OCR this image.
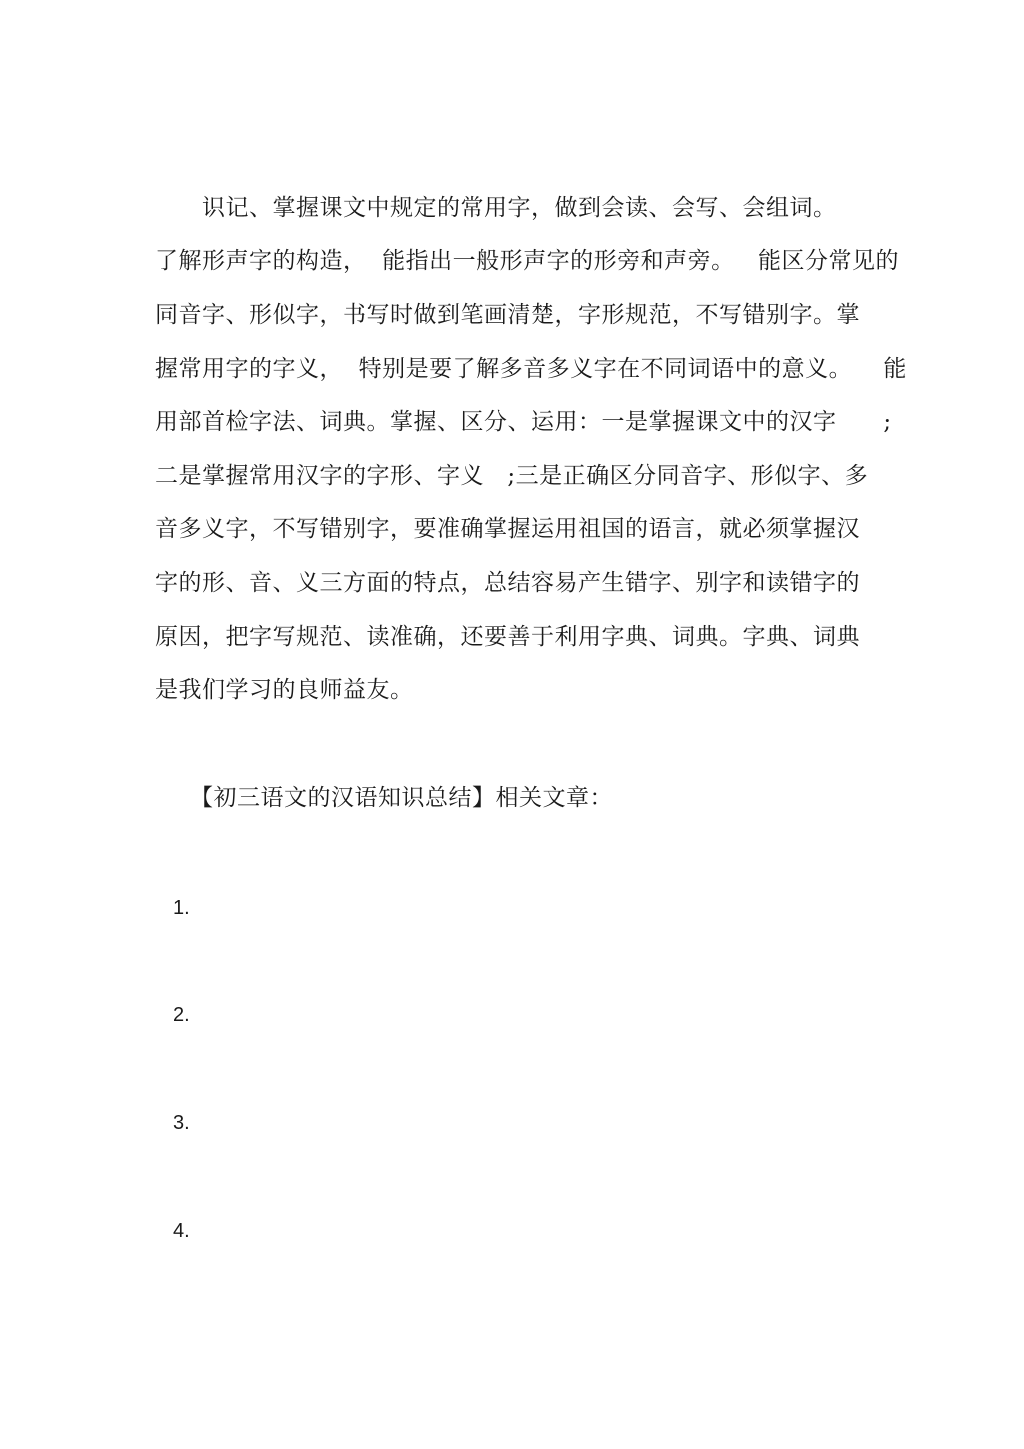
　　识记、掌握课文中规定的常用字，做到会读、会写、会组词。
了解形声字的构造，  能指出一般形声字的形旁和声旁。   能区分常见的
同音字、形似字，书写时做到笔画清楚，字形规范，不写错别字。掌
握常用字的字义，  特别是要了解多音多义字在不同词语中的意义。    能
用部首检字法、词典。掌握、区分、运用：一是掌握课文中的汉字      ;
二是掌握常用汉字的字形、字义   ;三是正确区分同音字、形似字、多
音多义字，不写错别字，要准确掌握运用祖国的语言，就必须掌握汉
字的形、音、义三方面的特点，总结容易产生错字、别字和读错字的
原因，把字写规范、读准确，还要善于利用字典、词典。字典、词典
是我们学习的良师益友。
【初三语文的汉语知识总结】相关文章：
1.
2.
3.
4.
